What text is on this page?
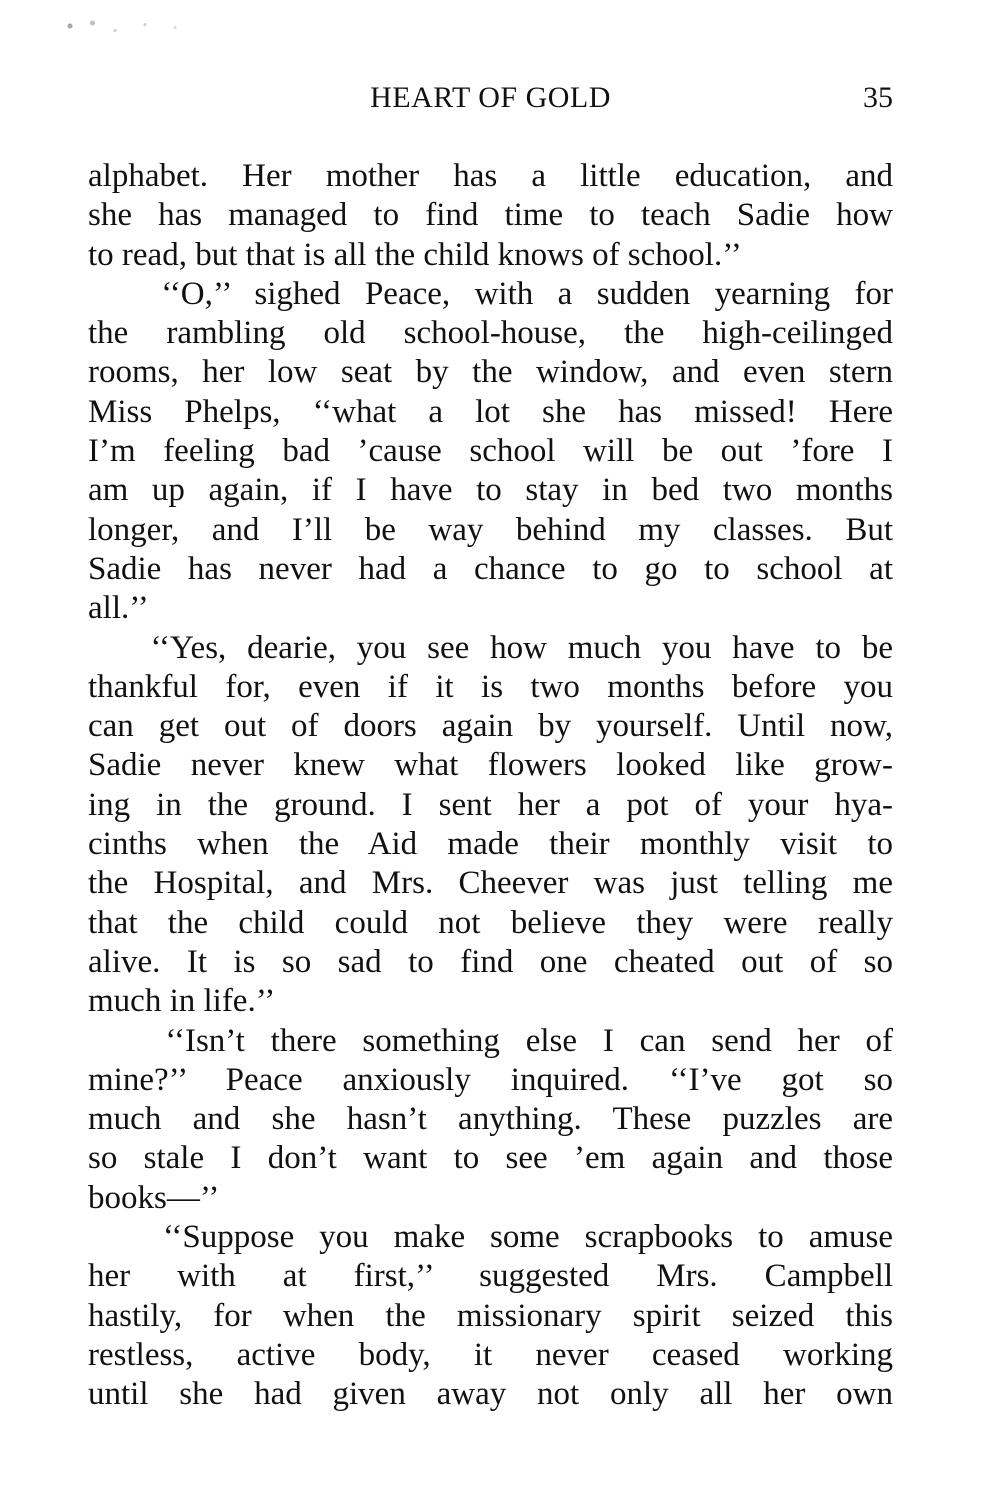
HEART OF GOLD	35
alphabet. Her mother has a little education, and
she has managed to find time to teach Sadie how
to read, but that is all the child knows of school.’’
‘‘O,’’ sighed Peace, with a sudden yearning for
the rambling old school-house, the high-ceilinged
rooms, her low seat by the window, and even stern
Miss Phelps, ‘‘what a lot she has missed! Here
I’m feeling bad ’cause school will be out ’fore I
am up again, if I have to stay in bed two months
longer, and I’ll be way behind my classes. But
Sadie has never had a chance to go to school at
all.’’
‘‘Yes, dearie, you see how much you have to be
thankful for, even if it is two months before you
can get out of doors again by yourself. Until now,
Sadie never knew what flowers looked like grow-
ing in the ground. I sent her a pot of your hya-
cinths when the Aid made their monthly visit to
the Hospital, and Mrs. Cheever was just telling me
that the child could not believe they were really
alive. It is so sad to find one cheated out of so
much in life.’’
‘‘Isn’t there something else I can send her of
mine?’’ Peace anxiously inquired. ‘‘I’ve got so
much and she hasn’t anything. These puzzles are
so stale I don’t want to see ’em again and those
books—’’
‘‘Suppose you make some scrapbooks to amuse
her with at first,’’ suggested Mrs. Campbell
hastily, for when the missionary spirit seized this
restless, active body, it never ceased working
until she had given away not only all her own
